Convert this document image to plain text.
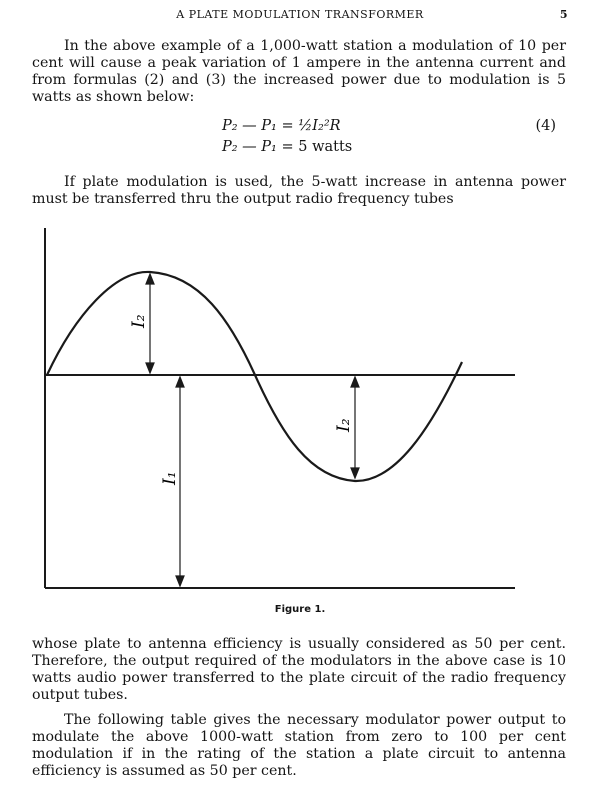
A PLATE MODULATION TRANSFORMER	5

In the above example of a 1,000-watt station a modulation of 10 per cent will cause a peak variation of 1 ampere in the antenna current and from formulas (2) and (3) the increased power due to modulation is 5 watts as shown below:

P₂ — P₁ = ½I₂²R
P₂ — P₁ = 5 watts
(4)

If plate modulation is used, the 5-watt increase in antenna power must be transferred thru the output radio frequency tubes

I₂
I₂
I₁
Figure 1.

whose plate to antenna efficiency is usually considered as 50 per cent. Therefore, the output required of the modulators in the above case is 10 watts audio power transferred to the plate circuit of the radio frequency output tubes.

The following table gives the necessary modulator power output to modulate the above 1000-watt station from zero to 100 per cent modulation if in the rating of the station a plate circuit to antenna efficiency is assumed as 50 per cent.
